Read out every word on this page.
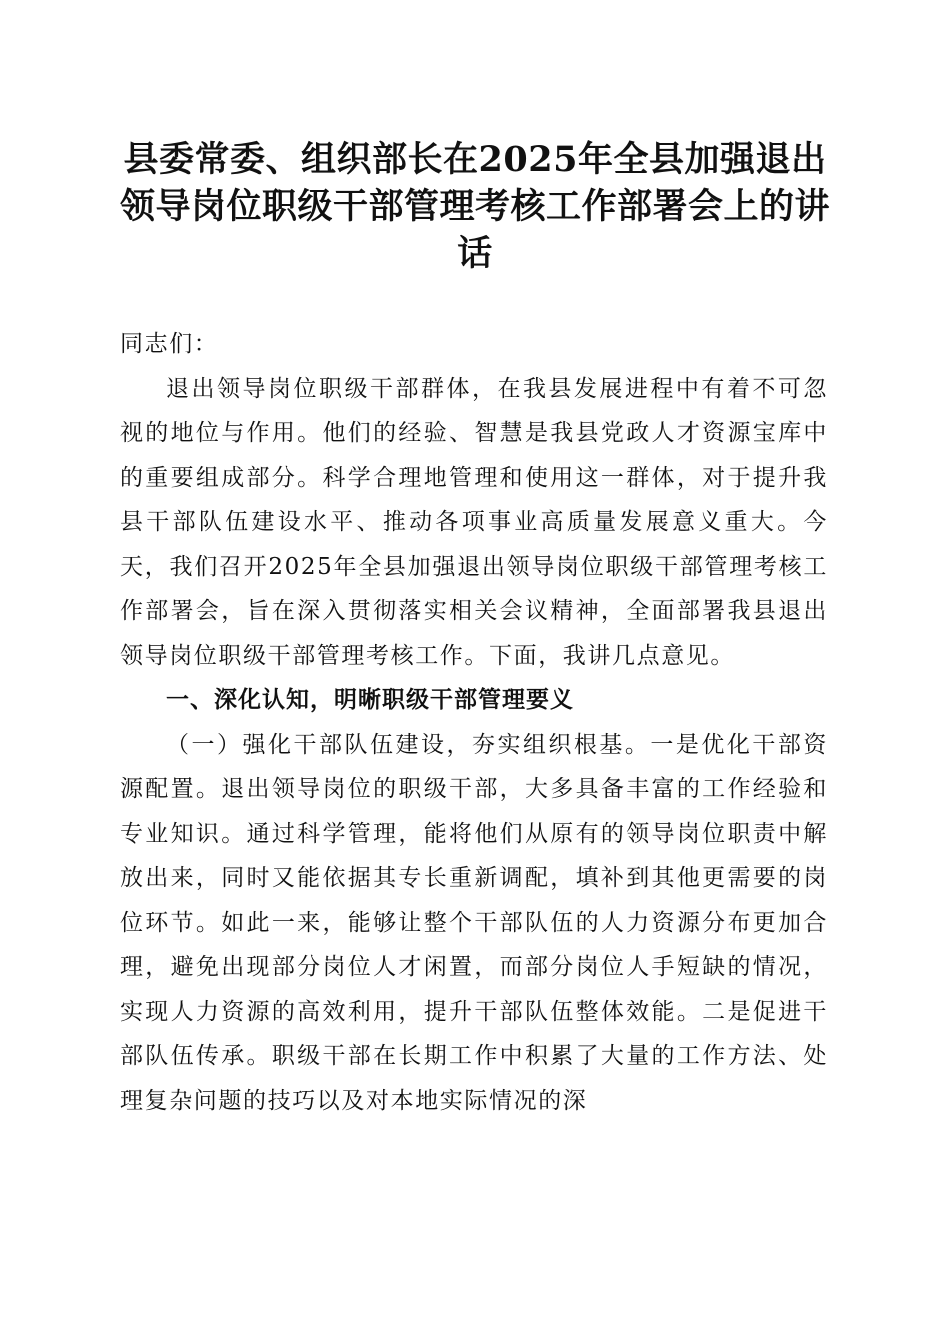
县委常委、组织部长在2025年全县加强退出领导岗位职级干部管理考核工作部署会上的讲话

同志们：

退出领导岗位职级干部群体，在我县发展进程中有着不可忽视的地位与作用。他们的经验、智慧是我县党政人才资源宝库中的重要组成部分。科学合理地管理和使用这一群体，对于提升我县干部队伍建设水平、推动各项事业高质量发展意义重大。今天，我们召开2025年全县加强退出领导岗位职级干部管理考核工作部署会，旨在深入贯彻落实相关会议精神，全面部署我县退出领导岗位职级干部管理考核工作。下面，我讲几点意见。

一、深化认知，明晰职级干部管理要义

（一）强化干部队伍建设，夯实组织根基。一是优化干部资源配置。退出领导岗位的职级干部，大多具备丰富的工作经验和专业知识。通过科学管理，能将他们从原有的领导岗位职责中解放出来，同时又能依据其专长重新调配，填补到其他更需要的岗位环节。如此一来，能够让整个干部队伍的人力资源分布更加合理，避免出现部分岗位人才闲置，而部分岗位人手短缺的情况，实现人力资源的高效利用，提升干部队伍整体效能。二是促进干部队伍传承。职级干部在长期工作中积累了大量的工作方法、处理复杂问题的技巧以及对本地实际情况的深
